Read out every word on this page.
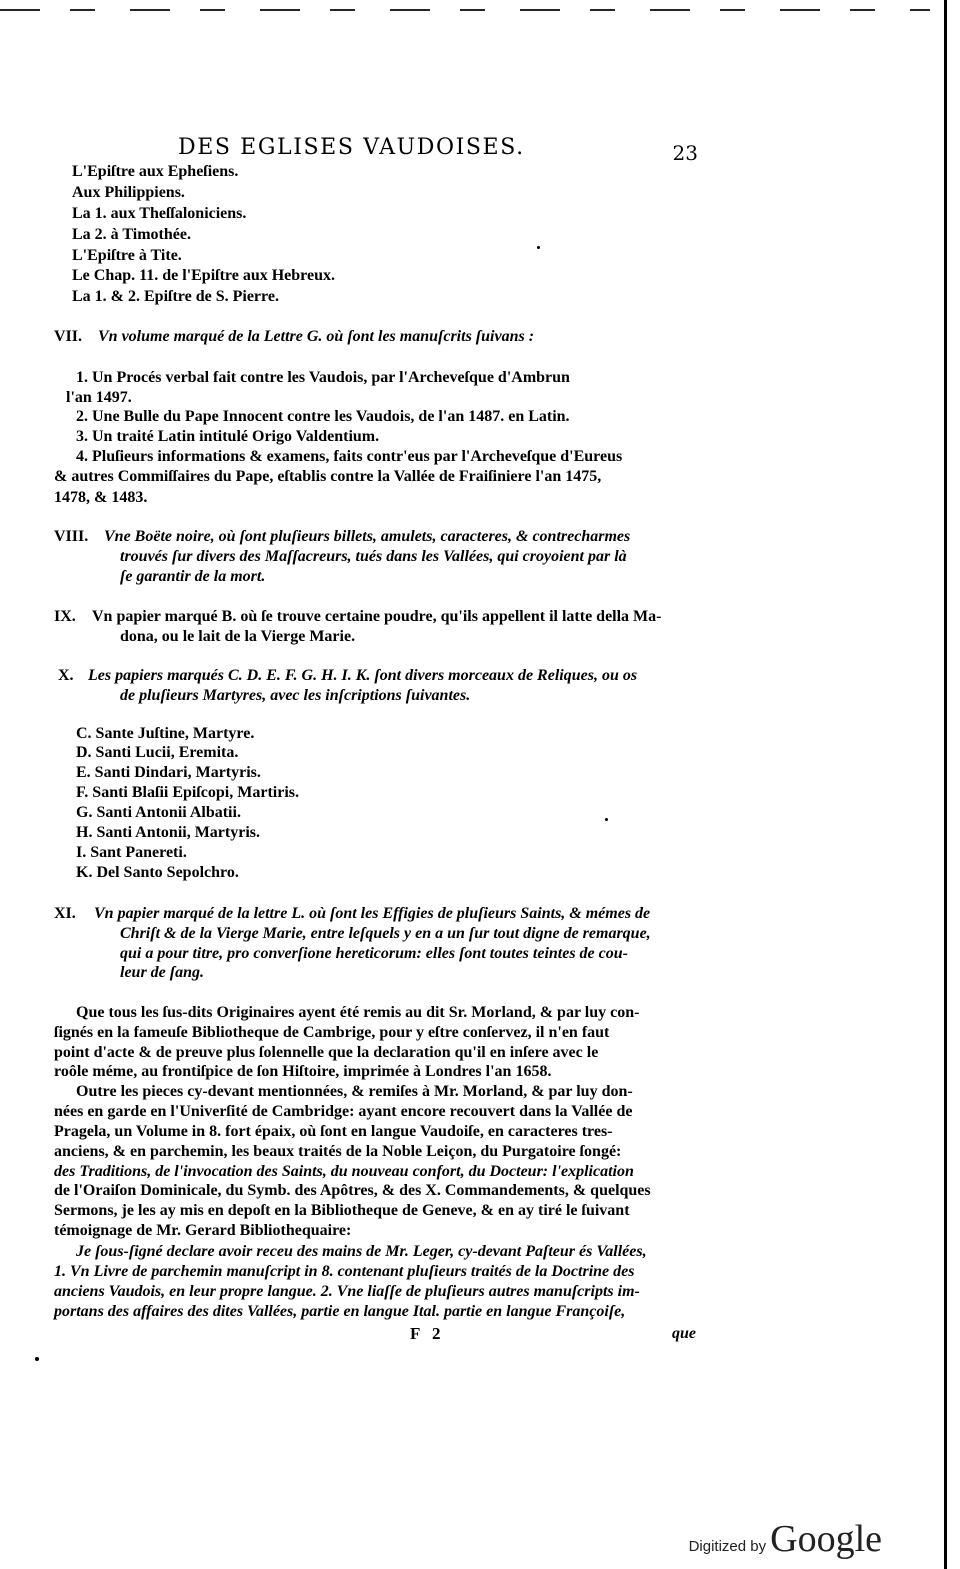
DES EGLISES VAUDOISES.	23
L'Epiſtre aux Epheſiens.
Aux Philippiens.
La 1. aux Theſſaloniciens.
La 2. à Timothée.
L'Epiſtre à Tite.
Le Chap. 11. de l'Epiſtre aux Hebreux.
La 1. & 2. Epiſtre de S. Pierre.
VII. Vn volume marqué de la Lettre G. où ſont les manuſcrits ſuivans :
1. Un Procés verbal fait contre les Vaudois, par l'Archeveſque d'Ambrun
l'an 1497.
2. Une Bulle du Pape Innocent contre les Vaudois, de l'an 1487. en Latin.
3. Un traité Latin intitulé Origo Valdentium.
4. Pluſieurs informations & examens, faits contr'eus par l'Archeveſque d'Eureus
& autres Commiſſaires du Pape, eſtablis contre la Vallée de Fraiſiniere l'an 1475,
1478, & 1483.
VIII. Vne Boëte noire, où ſont pluſieurs billets, amulets, caracteres, & contrecharmes
trouvés ſur divers des Maſſacreurs, tués dans les Vallées, qui croyoient par là
ſe garantir de la mort.
IX. Vn papier marqué B. où ſe trouve certaine poudre, qu'ils appellent il latte della Ma-
dona, ou le lait de la Vierge Marie.
X. Les papiers marqués C. D. E. F. G. H. I. K. ſont divers morceaux de Reliques, ou os
de pluſieurs Martyres, avec les inſcriptions ſuivantes.
C. Sante Juſtine, Martyre.
D. Santi Lucii, Eremita.
E. Santi Dindari, Martyris.
F. Santi Blaſii Epiſcopi, Martiris.
G. Santi Antonii Albatii.
H. Santi Antonii, Martyris.
I. Sant Panereti.
K. Del Santo Sepolchro.
XI. Vn papier marqué de la lettre L. où ſont les Effigies de pluſieurs Saints, & mémes de
Chriſt & de la Vierge Marie, entre leſquels y en a un ſur tout digne de remarque,
qui a pour titre, pro converſione hereticorum: elles ſont toutes teintes de cou-
leur de ſang.
Que tous les ſus-dits Originaires ayent été remis au dit Sr. Morland, & par luy con-
ſignés en la fameuſe Bibliotheque de Cambrige, pour y eſtre conſervez, il n'en faut
point d'acte & de preuve plus ſolennelle que la declaration qu'il en inſere avec le
roôle méme, au frontiſpice de ſon Hiſtoire, imprimée à Londres l'an 1658.
Outre les pieces cy-devant mentionnées, & remiſes à Mr. Morland, & par luy don-
nées en garde en l'Univerſité de Cambridge: ayant encore recouvert dans la Vallée de
Pragela, un Volume in 8. fort épaix, où ſont en langue Vaudoiſe, en caracteres tres-
anciens, & en parchemin, les beaux traités de la Noble Leiçon, du Purgatoire ſongé:
des Traditions, de l'invocation des Saints, du nouveau confort, du Docteur: l'explication
de l'Oraiſon Dominicale, du Symb. des Apôtres, & des X. Commandements, & quelques
Sermons, je les ay mis en depoſt en la Bibliotheque de Geneve, & en ay tiré le ſuivant
témoignage de Mr. Gerard Bibliothequaire:
Je ſous-ſigné declare avoir receu des mains de Mr. Leger, cy-devant Paſteur és Vallées,
1. Vn Livre de parchemin manuſcript in 8. contenant pluſieurs traités de la Doctrine des
anciens Vaudois, en leur propre langue. 2. Vne liaſſe de pluſieurs autres manuſcripts im-
portans des affaires des dites Vallées, partie en langue Ital. partie en langue Françoiſe,
F 2	que
Digitized by Google
